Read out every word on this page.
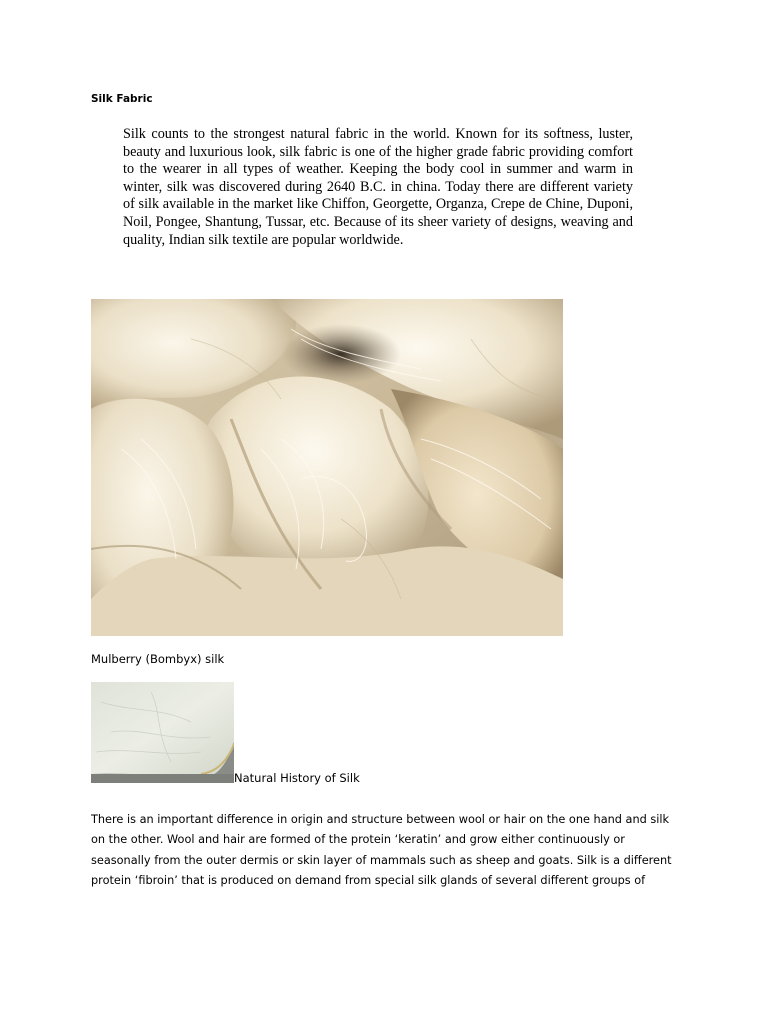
Silk Fabric

Silk counts to the strongest natural fabric in the world. Known for its softness, luster, beauty and luxurious look, silk fabric is one of the higher grade fabric providing comfort to the wearer in all types of weather. Keeping the body cool in summer and warm in winter, silk was discovered during 2640 B.C. in china. Today there are different variety of silk available in the market like Chiffon, Georgette, Organza, Crepe de Chine, Duponi, Noil, Pongee, Shantung, Tussar, etc. Because of its sheer variety of designs, weaving and quality, Indian silk textile are popular worldwide.

Mulberry (Bombyx) silk
Natural History of Silk

There is an important difference in origin and structure between wool or hair on the one hand and silk on the other. Wool and hair are formed of the protein ‘keratin’ and grow either continuously or seasonally from the outer dermis or skin layer of mammals such as sheep and goats. Silk is a different protein ‘fibroin’ that is produced on demand from special silk glands of several different groups of
